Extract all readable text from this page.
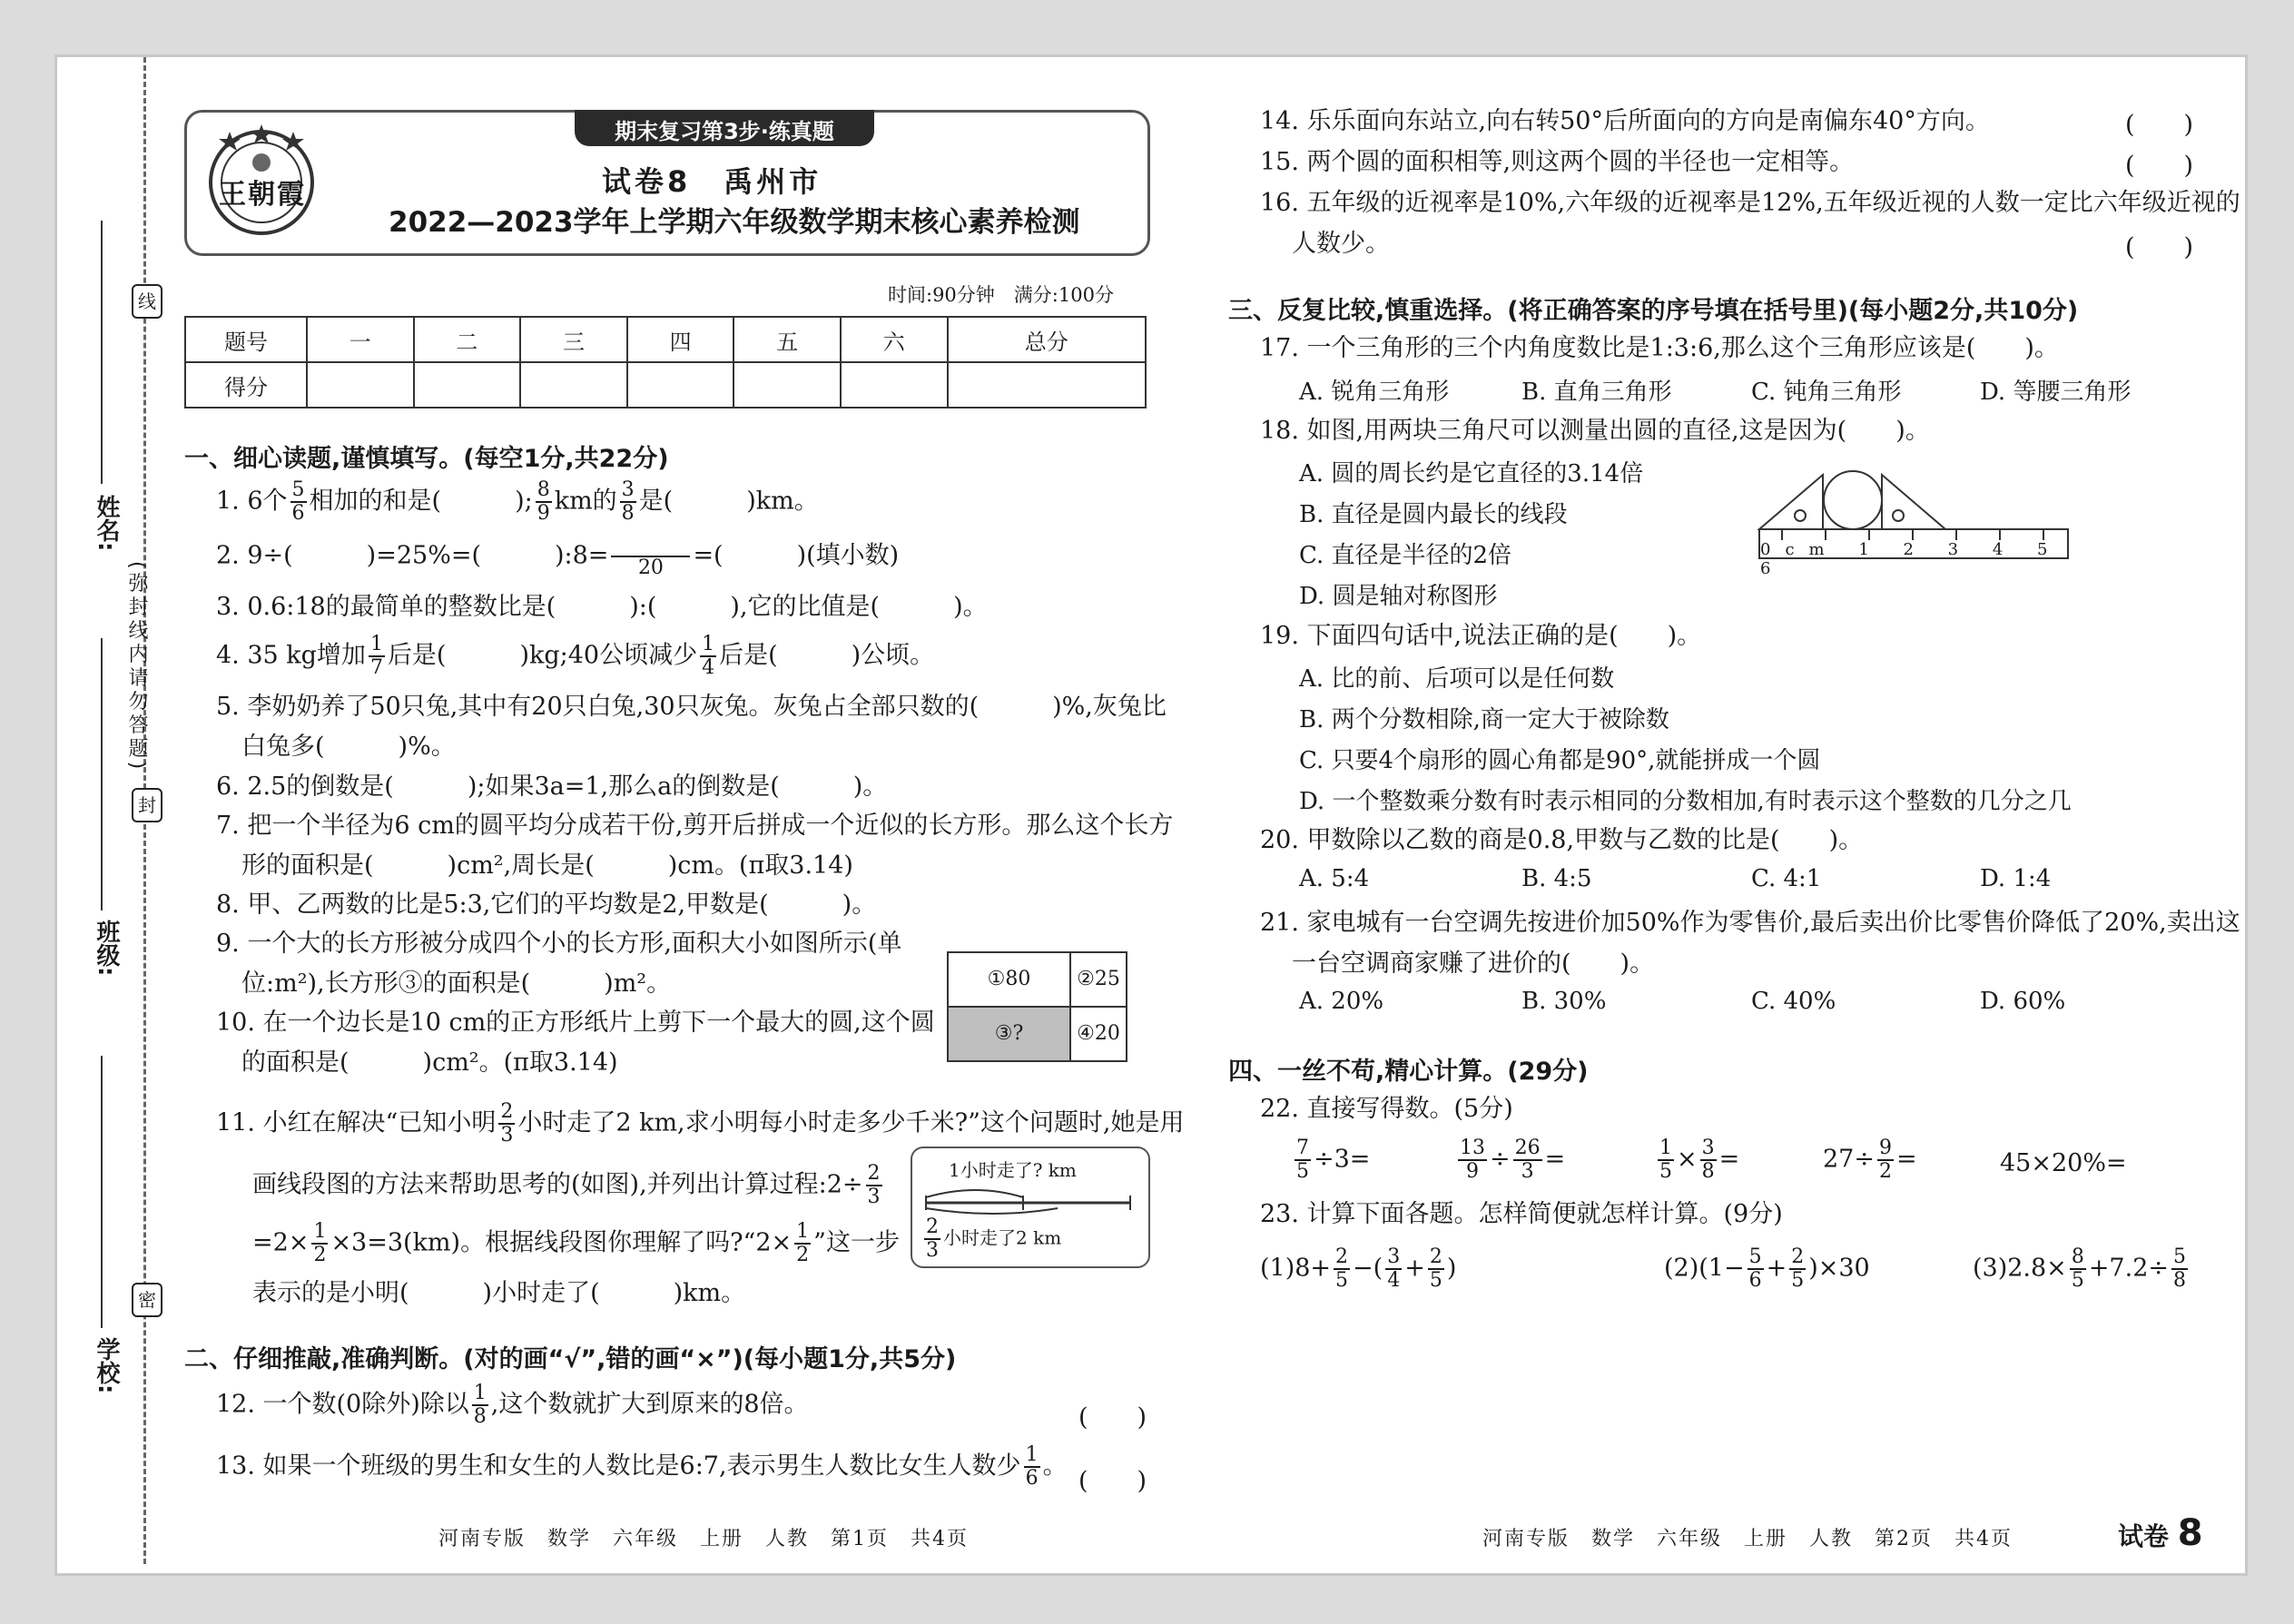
线
封
密
(弥封线内请勿答题)
姓名:
班级:
学校:
王朝霞
期末复习第3步·练真题
试卷8　禹州市
2022—2023学年上学期六年级数学期末核心素养检测
时间:90分钟　满分:100分
题号	一	二	三	四	五	六	总分
得分							
一、细心读题,谨慎填写。(每空1分,共22分)
1. 6个 $\frac{5}{6}$ 相加的和是(　　　); $\frac{8}{9}$ km的 $\frac{3}{8}$ 是(　　　)km。
2. 9÷(　　　)=25%=(　　　):8=
20 =(　　　)(填小数)
3. 0.6:18的最简单的整数比是(　　　):(　　　),它的比值是(　　　)。
4. 35 kg增加 $\frac{1}{7}$ 后是(　　　)kg;40公顷减少 $\frac{1}{4}$ 后是(　　　)公顷。
5. 李奶奶养了50只兔,其中有20只白兔,30只灰兔。灰兔占全部只数的(　　　)%,灰兔比
白兔多(　　　)%。
6. 2.5的倒数是(　　　);如果3a=1,那么a的倒数是(　　　)。
7. 把一个半径为6 cm的圆平均分成若干份,剪开后拼成一个近似的长方形。那么这个长方
形的面积是(　　　)cm²,周长是(　　　)cm。(π取3.14)
8. 甲、乙两数的比是5:3,它们的平均数是2,甲数是(　　　)。
9. 一个大的长方形被分成四个小的长方形,面积大小如图所示(单
位:m²),长方形③的面积是(　　　)m²。
10. 在一个边长是10 cm的正方形纸片上剪下一个最大的圆,这个圆
的面积是(　　　)cm²。(π取3.14)
①80	②25
③?	④20
11. 小红在解决“已知小明 $\frac{2}{3}$ 小时走了2 km,求小明每小时走多少千米?”这个问题时,她是用
画线段图的方法来帮助思考的(如图),并列出计算过程:2÷ $\frac{2}{3}$
$=2\times \frac{1}{2} \times 3=3(km)$。根据线段图你理解了吗?“2× $\frac{1}{2}$ ”这一步
表示的是小明(　　　)小时走了(　　　)km。
1小时走了? km
$\frac{2}{3}$ 小时走了2 km
二、仔细推敲,准确判断。(对的画“√”,错的画“×”)(每小题1分,共5分)
12. 一个数(0除外)除以 $\frac{1}{8}$ ,这个数就扩大到原来的8倍。	(　　)
13. 如果一个班级的男生和女生的人数比是6:7,表示男生人数比女生人数少 $\frac{1}{6}$ 。
(　　)
河南专版　数学　六年级　上册　人教　第1页　共4页
14. 乐乐面向东站立,向右转50°后所面向的方向是南偏东40°方向。	(　　)
15. 两个圆的面积相等,则这两个圆的半径也一定相等。	(　　)
16. 五年级的近视率是10%,六年级的近视率是12%,五年级近视的人数一定比六年级近视的
人数少。	(　　)
三、反复比较,慎重选择。(将正确答案的序号填在括号里)(每小题2分,共10分)
17. 一个三角形的三个内角度数比是1:3:6,那么这个三角形应该是(　　)。
A. 锐角三角形	B. 直角三角形	C. 钝角三角形	D. 等腰三角形
18. 如图,用两块三角尺可以测量出圆的直径,这是因为(　　)。
A. 圆的周长约是它直径的3.14倍
B. 直径是圆内最长的线段
C. 直径是半径的2倍
D. 圆是轴对称图形
0cm 1 2 3 4 5 6
19. 下面四句话中,说法正确的是(　　)。
A. 比的前、后项可以是任何数
B. 两个分数相除,商一定大于被除数
C. 只要4个扇形的圆心角都是90°,就能拼成一个圆
D. 一个整数乘分数有时表示相同的分数相加,有时表示这个整数的几分之几
20. 甲数除以乙数的商是0.8,甲数与乙数的比是(　　)。
A. 5:4	B. 4:5	C. 4:1	D. 1:4
21. 家电城有一台空调先按进价加50%作为零售价,最后卖出价比零售价降低了20%,卖出这
一台空调商家赚了进价的(　　)。
A. 20%	B. 30%	C. 40%	D. 60%
四、一丝不苟,精心计算。(29分)
22. 直接写得数。(5分)
$\frac{7}{5} \div 3=$	$\frac{13}{9} \div \frac{26}{3}$ =	$\frac{1}{5} \times \frac{3}{8}$ =	$27\div \frac{9}{2}$ =	45×20%=
23. 计算下面各题。怎样简便就怎样计算。(9分)
$(1)8+ \frac{2}{5}$ −( $\frac{3}{4} + \frac{2}{5}$ )	$(2)(1- \frac{5}{6} + \frac{2}{5} )\times 30$	$(3)2.8\times \frac{8}{5} +7.2\div \frac{5}{8}$
河南专版　数学　六年级　上册　人教　第2页　共4页	试卷 8
